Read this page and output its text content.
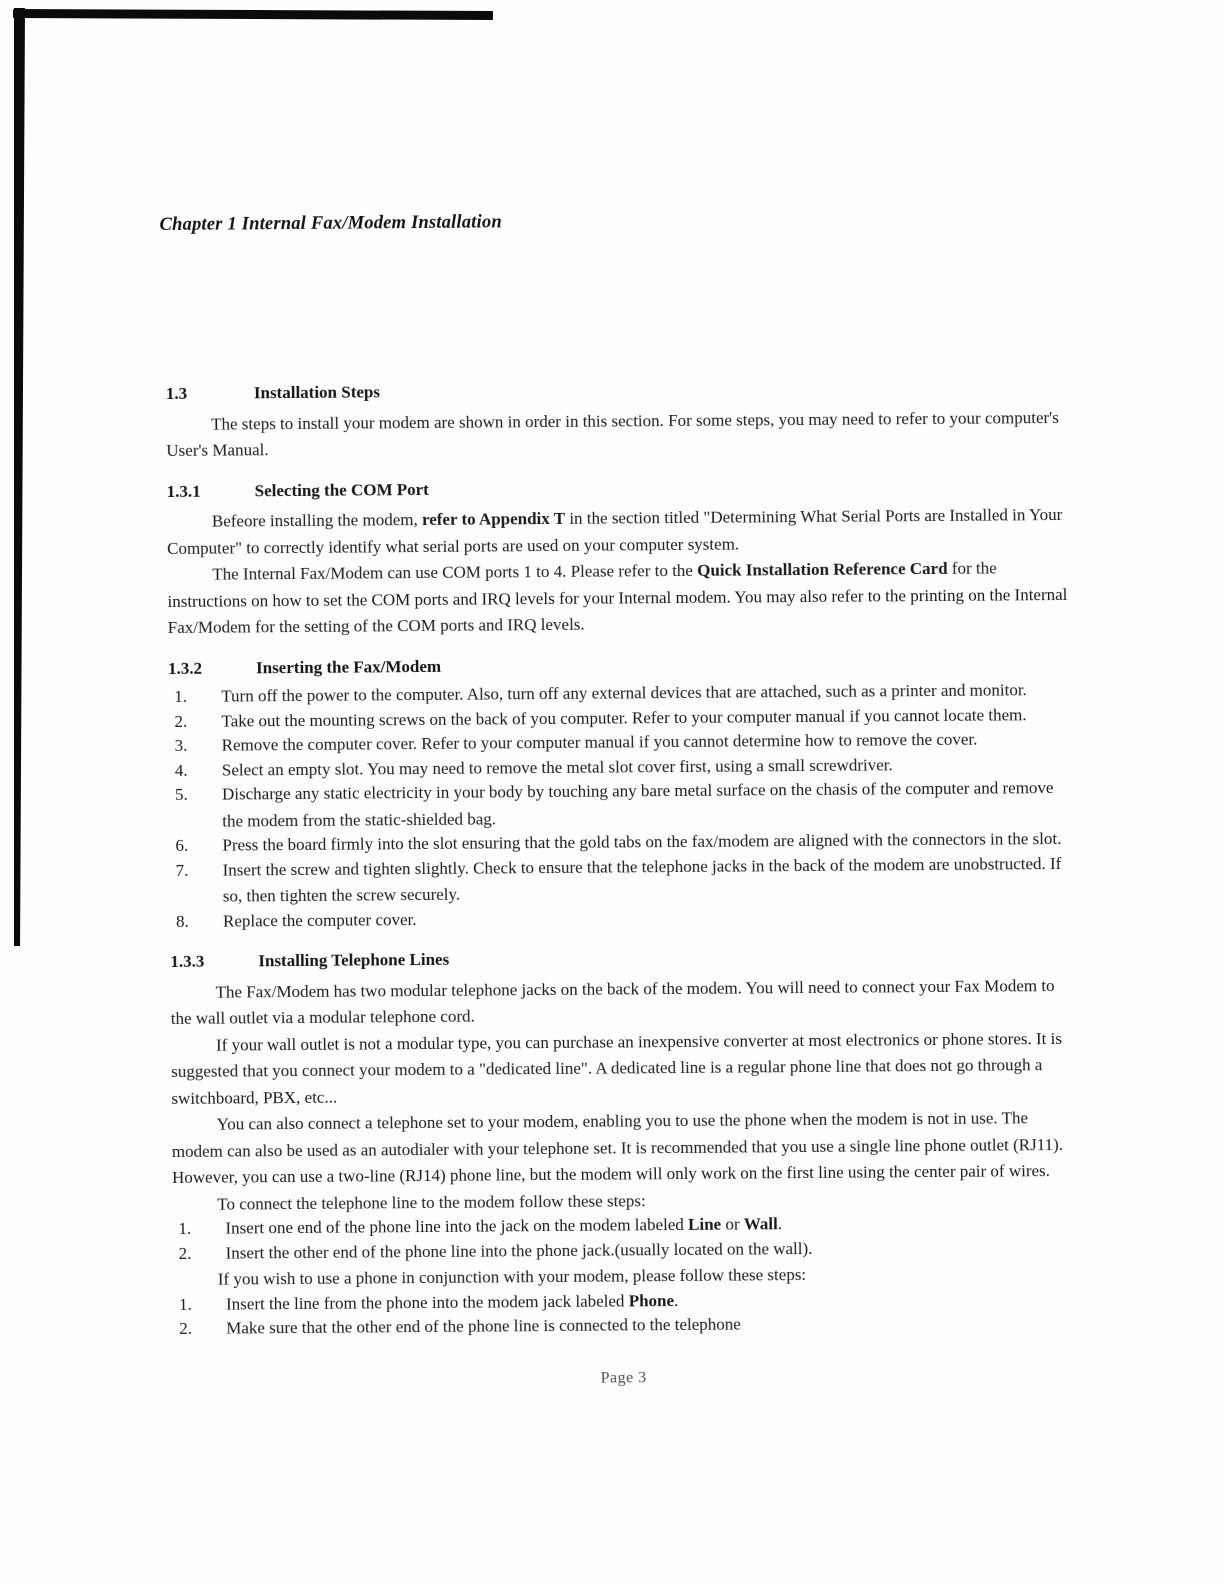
Chapter 1 Internal Fax/Modem Installation
1.3	Installation Steps

The steps to install your modem are shown in order in this section. For some steps, you may need to refer to your computer's User's Manual.

1.3.1	Selecting the COM Port

Befeore installing the modem, refer to Appendix T in the section titled "Determining What Serial Ports are Installed in Your Computer" to correctly identify what serial ports are used on your computer system.

The Internal Fax/Modem can use COM ports 1 to 4. Please refer to the Quick Installation Reference Card for the instructions on how to set the COM ports and IRQ levels for your Internal modem. You may also refer to the printing on the Internal Fax/Modem for the setting of the COM ports and IRQ levels.

1.3.2	Inserting the Fax/Modem
1.	Turn off the power to the computer. Also, turn off any external devices that are attached, such as a printer and monitor.
2.	Take out the mounting screws on the back of you computer. Refer to your computer manual if you cannot locate them.
3.	Remove the computer cover. Refer to your computer manual if you cannot determine how to remove the cover.
4.	Select an empty slot. You may need to remove the metal slot cover first, using a small screwdriver.
5.	Discharge any static electricity in your body by touching any bare metal surface on the chasis of the computer and remove the modem from the static-shielded bag.
6.	Press the board firmly into the slot ensuring that the gold tabs on the fax/modem are aligned with the connectors in the slot.
7.	Insert the screw and tighten slightly. Check to ensure that the telephone jacks in the back of the modem are unobstructed. If so, then tighten the screw securely.
8.	Replace the computer cover.
1.3.3	Installing Telephone Lines

The Fax/Modem has two modular telephone jacks on the back of the modem. You will need to connect your Fax Modem to the wall outlet via a modular telephone cord.

If your wall outlet is not a modular type, you can purchase an inexpensive converter at most electronics or phone stores. It is suggested that you connect your modem to a "dedicated line". A dedicated line is a regular phone line that does not go through a switchboard, PBX, etc...

You can also connect a telephone set to your modem, enabling you to use the phone when the modem is not in use. The modem can also be used as an autodialer with your telephone set. It is recommended that you use a single line phone outlet (RJ11). However, you can use a two-line (RJ14) phone line, but the modem will only work on the first line using the center pair of wires.

To connect the telephone line to the modem follow these steps:

1.	Insert one end of the phone line into the jack on the modem labeled Line or Wall.
2.	Insert the other end of the phone line into the phone jack.(usually located on the wall).

If you wish to use a phone in conjunction with your modem, please follow these steps:

1.	Insert the line from the phone into the modem jack labeled Phone.
2.	Make sure that the other end of the phone line is connected to the telephone
Page 3
